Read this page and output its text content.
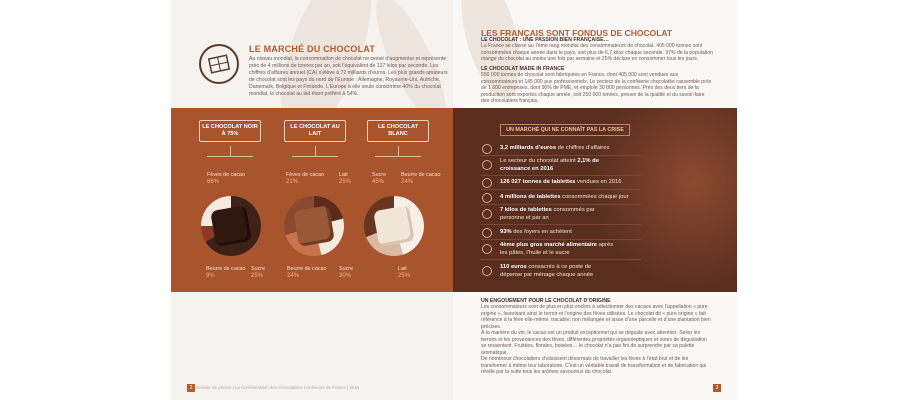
LE MARCHÉ DU CHOCOLAT
Au niveau mondial, la consommation de chocolat ne cesse d’augmenter et représente près de 4 millions de tonnes par an, soit l’équivalent de 127 kilos par seconde. Les chiffres d’affaires annuel (CA) s’élève à 72 milliards d’euros. Les plus grands amateurs de chocolat sont les pays du nord de l’Europe : Allemagne, Royaume-Uni, Autriche, Danemark, Belgique et Finlande. L’Europe à elle seule consomme 40% du chocolat mondial, le chocolat au lait étant préféré à 54%.
LE CHOCOLAT NOIR À 75%
Fèves de cacao
66%
Beurre de cacao
9%
Sucre
25%
LE CHOCOLAT AU LAIT
Fèves de cacao
21%
Lait
25%
Beurre de cacao
24%
Sucre
30%
LE CHOCOLAT BLANC
Sucre
45%
Beurre de cacao
24%
Lait
25%
LES FRANÇAIS SONT FONDUS DE CHOCOLAT
LE CHOCOLAT : UNE PASSION BIEN FRANÇAISE…
La France se classe au 7ème rang mondial des consommateurs de chocolat. 405 000 tonnes sont consommées chaque année dans le pays, soit plus de 6,7 kilos chaque seconde. 97% de la population mange du chocolat au moins une fois par semaine et 25% déclare en consommer tous les jours.
LE CHOCOLAT MADE IN FRANCE
550 000 tonnes de chocolat sont fabriquées en France, dont 405 000 sont vendues aux consommateurs et 145 000 aux professionnels. Le secteur de la confiserie chocolatée rassemble près de 1 600 entreprises, dont 96% de PME, et emploie 30 000 personnes. Près des deux tiers de la production sont exportés chaque année, soit 250 000 tonnes, preuve de la qualité et du savoir-faire des chocolatiers français.
UN MARCHÉ QUI NE CONNAÎT PAS LA CRISE
3,2 milliards d’euros de chiffres d’affaires
Le secteur du chocolat atteint 2,1% de croissance en 2016
126 027 tonnes de tablettes vendues en 2016
4 millions de tablettes consommées chaque jour
7 kilos de tablettes consommés par personne et par an
93% des foyers en achètent
4ème plus gros marché alimentaire après les pâtes, l’huile et le sucre
110 euros consacrés à ce poste de dépense par ménage chaque année
UN ENGOUEMENT POUR LE CHOCOLAT D’ORIGINE
Les consommateurs sont de plus en plus enclins à sélectionner des cacaos avec l’appellation « pure origine », favorisant ainsi le terroir et l’origine des fèves utilisées. Le chocolat dit « pure origine » fait référence à la fève elle-même, tracable, non mélangée et issue d’une parcelle et d’une plantation bien précises.
À la manière du vin, le cacao est un produit exceptionnel qui se déguste avec attention. Selon les terroirs et les provenances des fèves, différentes propriétés organoleptiques et notes de dégustation se ressentent. Fruitées, florales, boisées… le chocolat n’a pas fini de surprendre par sa palette aromatique.
De nombreux chocolatiers choisissent désormais de travailler les fèves à l’état brut et de les transformer à même leur laboratoire. C’est un véritable travail de transformation et de fabrication qui révèle par la suite tous les arômes savoureux du chocolat.
2 Dossier de presse | La Confédération des Chocolatiers Confiseurs de France | 2018	3
